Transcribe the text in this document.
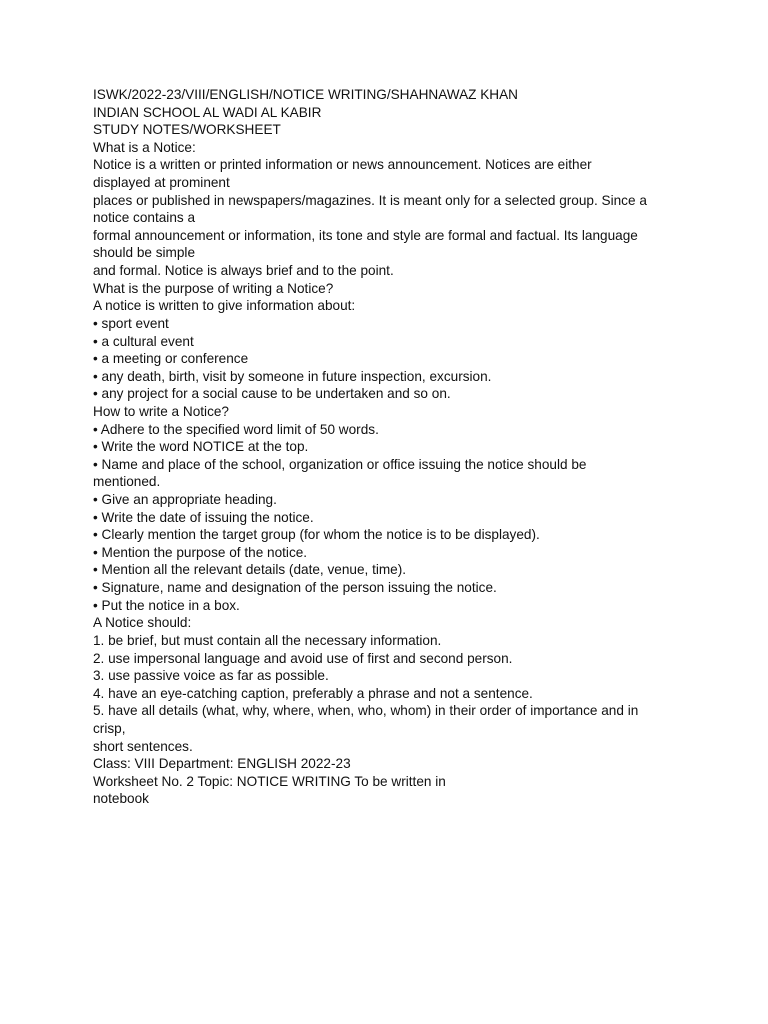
ISWK/2022-23/VIII/ENGLISH/NOTICE WRITING/SHAHNAWAZ KHAN
INDIAN SCHOOL AL WADI AL KABIR
STUDY NOTES/WORKSHEET
What is a Notice:
Notice is a written or printed information or news announcement. Notices are either
displayed at prominent
places or published in newspapers/magazines. It is meant only for a selected group. Since a
notice contains a
formal announcement or information, its tone and style are formal and factual. Its language
should be simple
and formal. Notice is always brief and to the point.
What is the purpose of writing a Notice?
A notice is written to give information about:
• sport event
• a cultural event
• a meeting or conference
• any death, birth, visit by someone in future inspection, excursion.
• any project for a social cause to be undertaken and so on.
How to write a Notice?
• Adhere to the specified word limit of 50 words.
• Write the word NOTICE at the top.
• Name and place of the school, organization or office issuing the notice should be
mentioned.
• Give an appropriate heading.
• Write the date of issuing the notice.
• Clearly mention the target group (for whom the notice is to be displayed).
• Mention the purpose of the notice.
• Mention all the relevant details (date, venue, time).
• Signature, name and designation of the person issuing the notice.
• Put the notice in a box.
A Notice should:
1. be brief, but must contain all the necessary information.
2. use impersonal language and avoid use of first and second person.
3. use passive voice as far as possible.
4. have an eye-catching caption, preferably a phrase and not a sentence.
5. have all details (what, why, where, when, who, whom) in their order of importance and in
crisp,
short sentences.
Class: VIII Department: ENGLISH 2022-23
Worksheet No. 2 Topic: NOTICE WRITING To be written in
notebook
